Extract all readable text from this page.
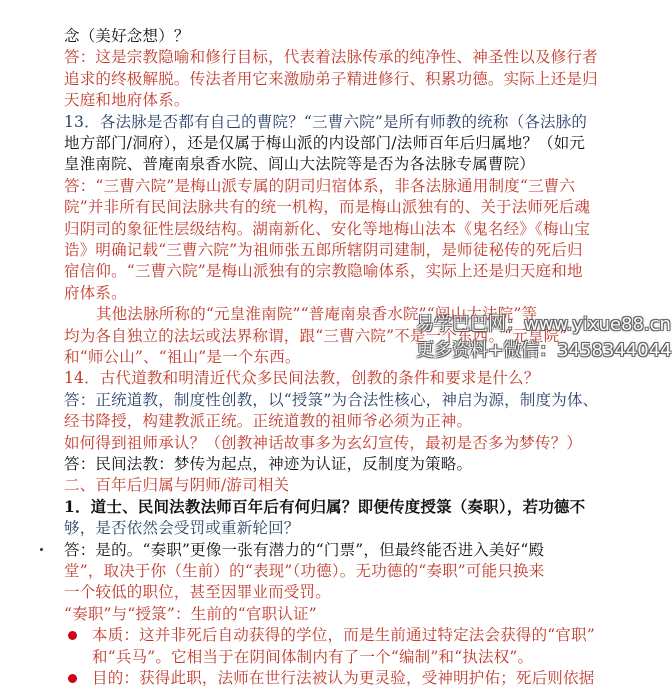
念（美好念想）？
答：这是宗教隐喻和修行目标，代表着法脉传承的纯净性、神圣性以及修行者
追求的终极解脱。传法者用它来激励弟子精进修行、积累功德。实际上还是归
天庭和地府体系。
13．各法脉是否都有自己的曹院？“三曹六院”是所有师教的统称（各法脉的
地方部门/洞府），还是仅属于梅山派的内设部门/法师百年后归属地？（如元
皇淮南院、普庵南泉香水院、闾山大法院等是否为各法脉专属曹院）
答：“三曹六院”是梅山派专属的阴司归宿体系，非各法脉通用制度“三曹六
院”并非所有民间法脉共有的统一机构，而是梅山派独有的、关于法师死后魂
归阴司的象征性层级结构。湖南新化、安化等地梅山法本《鬼名经》《梅山宝
诰》明确记载“三曹六院”为祖师张五郎所辖阴司建制，是师徒秘传的死后归
宿信仰。“三曹六院”是梅山派独有的宗教隐喻体系，实际上还是归天庭和地
府体系。
其他法脉所称的“元皇淮南院”“普庵南泉香水院”“闾山大法院”等
均为各自独立的法坛或法界称谓，跟“三曹六院”不是一个东西。“元皇院”
和“师公山”、“祖山”是一个东西。
14．古代道教和明清近代众多民间法教，创教的条件和要求是什么？
答：正统道教，制度性创教，以“授箓”为合法性核心，神启为源，制度为体、
经书降授，构建教派正统。正统道教的祖师爷必须为正神。
如何得到祖师承认？（创教神话故事多为玄幻宣传，最初是否多为梦传？）
答：民间法教：梦传为起点，神迹为认证，反制度为策略。
二、百年后归属与阴师/游司相关
1．道士、民间法教法师百年后有何归属？即便传度授箓（奏职），若功德不
够，是否依然会受罚或重新轮回？
答：是的。“奏职”更像一张有潜力的“门票”，但最终能否进入美好“殿
堂”，取决于你（生前）的“表现”（功德）。无功德的“奏职”可能只换来
一个较低的职位，甚至因罪业而受罚。
“奏职”与“授箓”：生前的“官职认证”
本质：这并非死后自动获得的学位，而是生前通过特定法会获得的“官职”
和“兵马”。它相当于在阴间体制内有了一个“编制”和“执法权”。
目的：获得此职，法师在世行法被认为更灵验，受神明护佑；死后则依据
易学巴巴网：www.yixue88.cn
更多资料+微信：3458344044
